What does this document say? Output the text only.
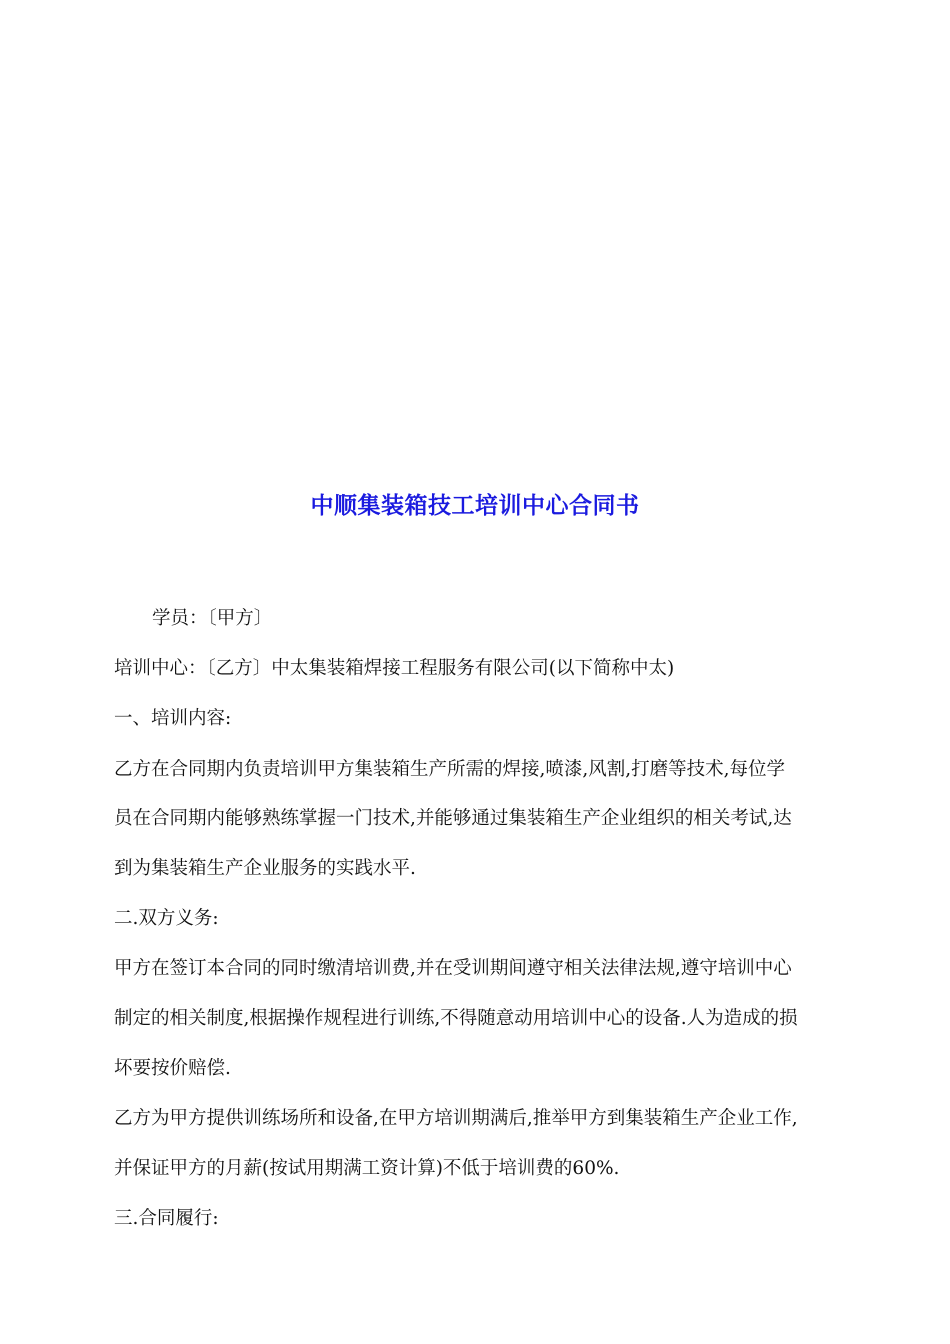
中顺集装箱技工培训中心合同书
学员：〔甲方〕
培训中心：〔乙方〕中太集装箱焊接工程服务有限公司(以下简称中太)
一、培训内容:
乙方在合同期内负责培训甲方集装箱生产所需的焊接,喷漆,风割,打磨等技术,每位学
员在合同期内能够熟练掌握一门技术,并能够通过集装箱生产企业组织的相关考试,达
到为集装箱生产企业服务的实践水平.
二.双方义务:
甲方在签订本合同的同时缴清培训费,并在受训期间遵守相关法律法规,遵守培训中心
制定的相关制度,根据操作规程进行训练,不得随意动用培训中心的设备.人为造成的损
坏要按价赔偿.
乙方为甲方提供训练场所和设备,在甲方培训期满后,推举甲方到集装箱生产企业工作,
并保证甲方的月薪(按试用期满工资计算)不低于培训费的60%.
三.合同履行:
